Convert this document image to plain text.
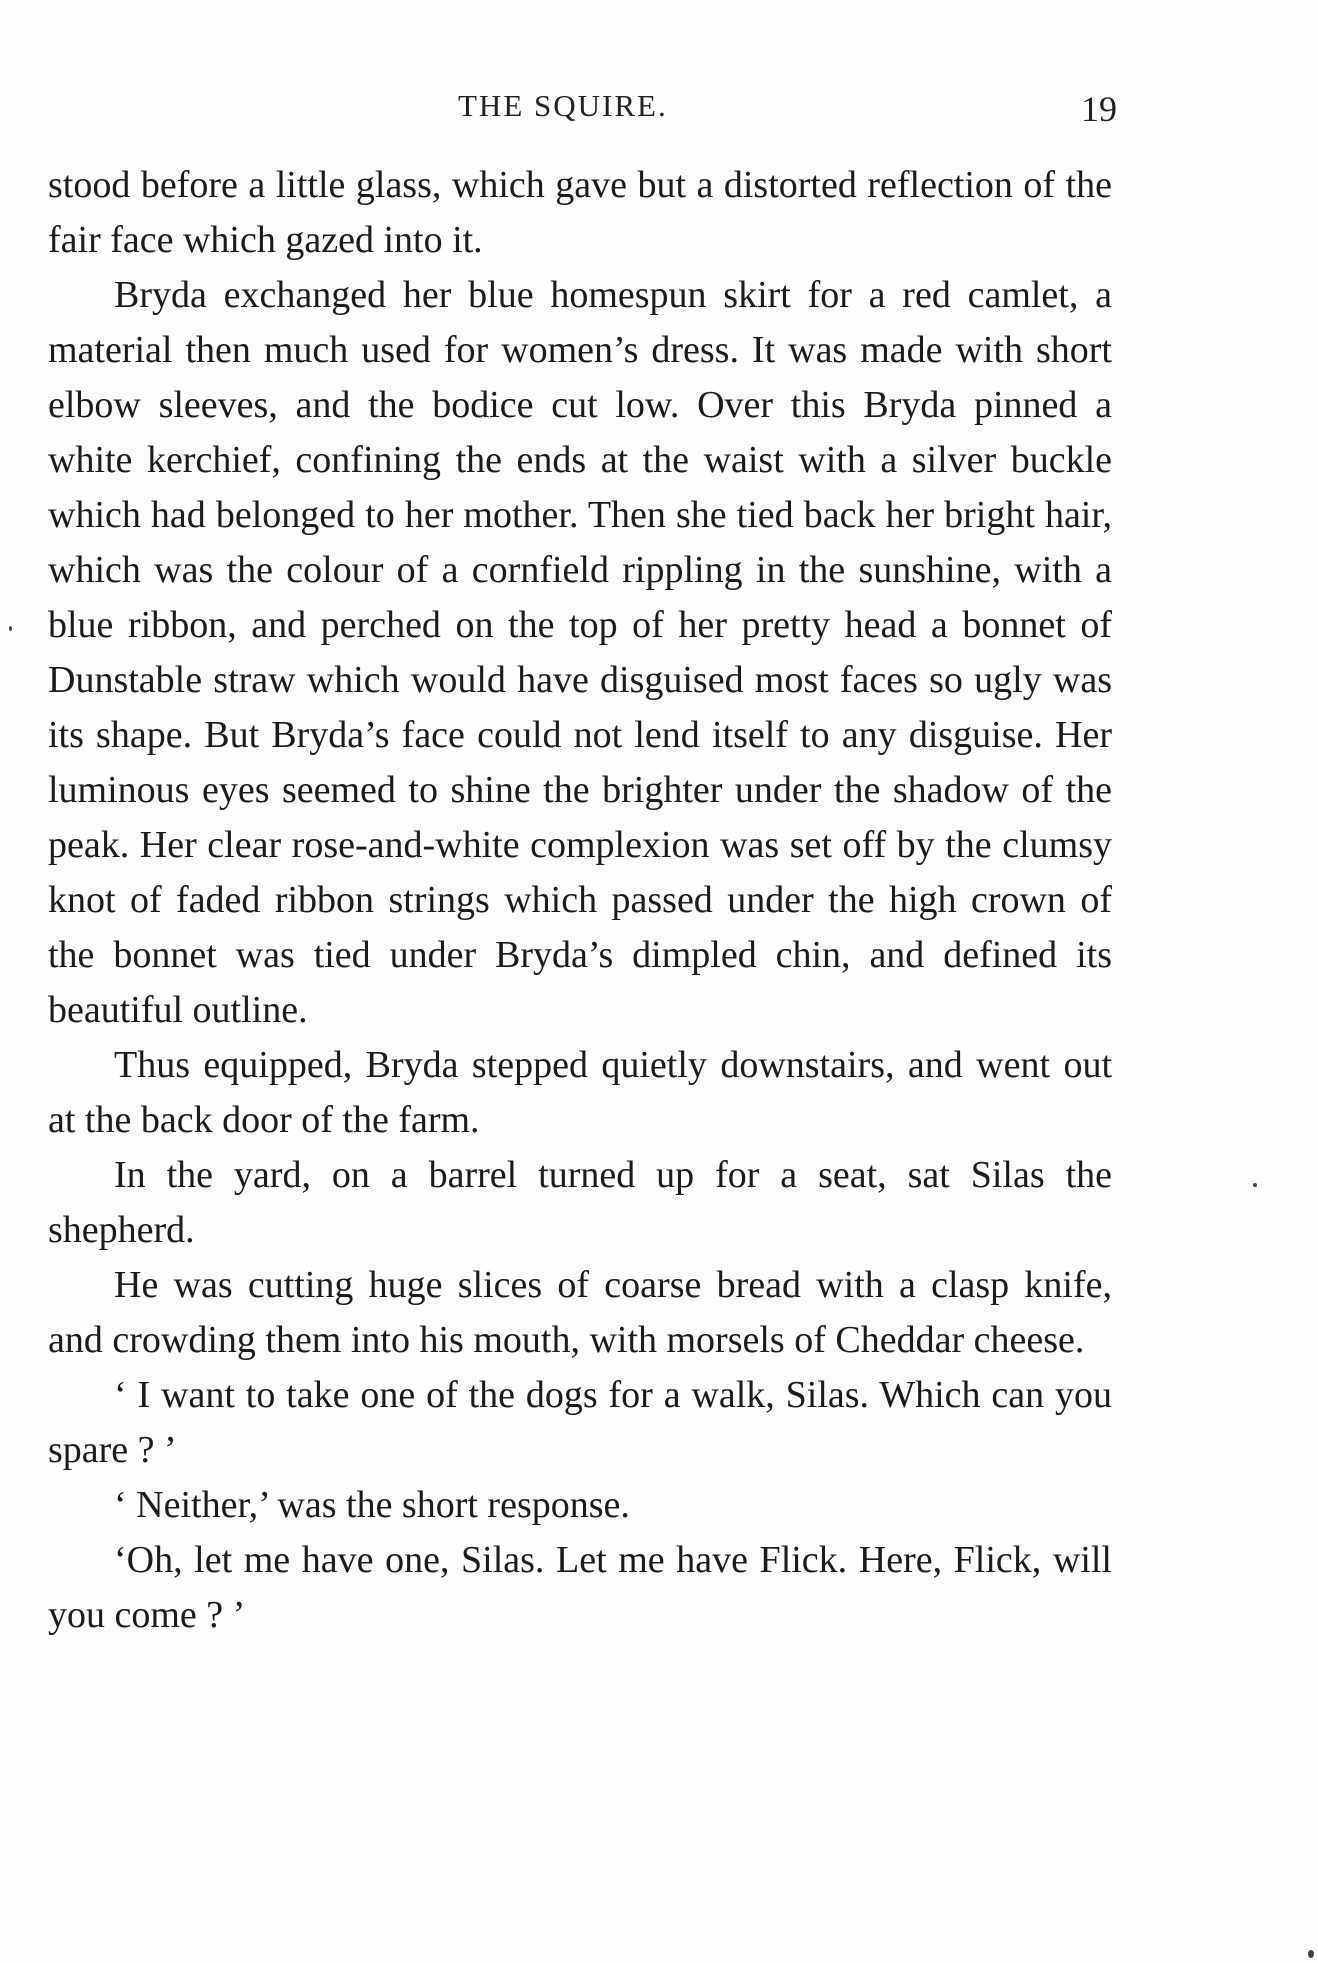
THE SQUIRE.	19

stood before a little glass, which gave but a distorted reflection of the fair face which gazed into it.

Bryda exchanged her blue homespun skirt for a red camlet, a material then much used for women’s dress. It was made with short elbow sleeves, and the bodice cut low. Over this Bryda pinned a white kerchief, confining the ends at the waist with a silver buckle which had belonged to her mother. Then she tied back her bright hair, which was the colour of a cornfield rippling in the sunshine, with a blue ribbon, and perched on the top of her pretty head a bonnet of Dunstable straw which would have disguised most faces so ugly was its shape. But Bryda’s face could not lend itself to any disguise. Her luminous eyes seemed to shine the brighter under the shadow of the peak. Her clear rose-and-white complexion was set off by the clumsy knot of faded ribbon strings which passed under the high crown of the bonnet was tied under Bryda’s dimpled chin, and defined its beautiful outline.

Thus equipped, Bryda stepped quietly downstairs, and went out at the back door of the farm.

In the yard, on a barrel turned up for a seat, sat Silas the shepherd.

He was cutting huge slices of coarse bread with a clasp knife, and crowding them into his mouth, with morsels of Cheddar cheese.

‘ I want to take one of the dogs for a walk, Silas. Which can you spare ? ’

‘ Neither,’ was the short response.

‘Oh, let me have one, Silas. Let me have Flick. Here, Flick, will you come ? ’
